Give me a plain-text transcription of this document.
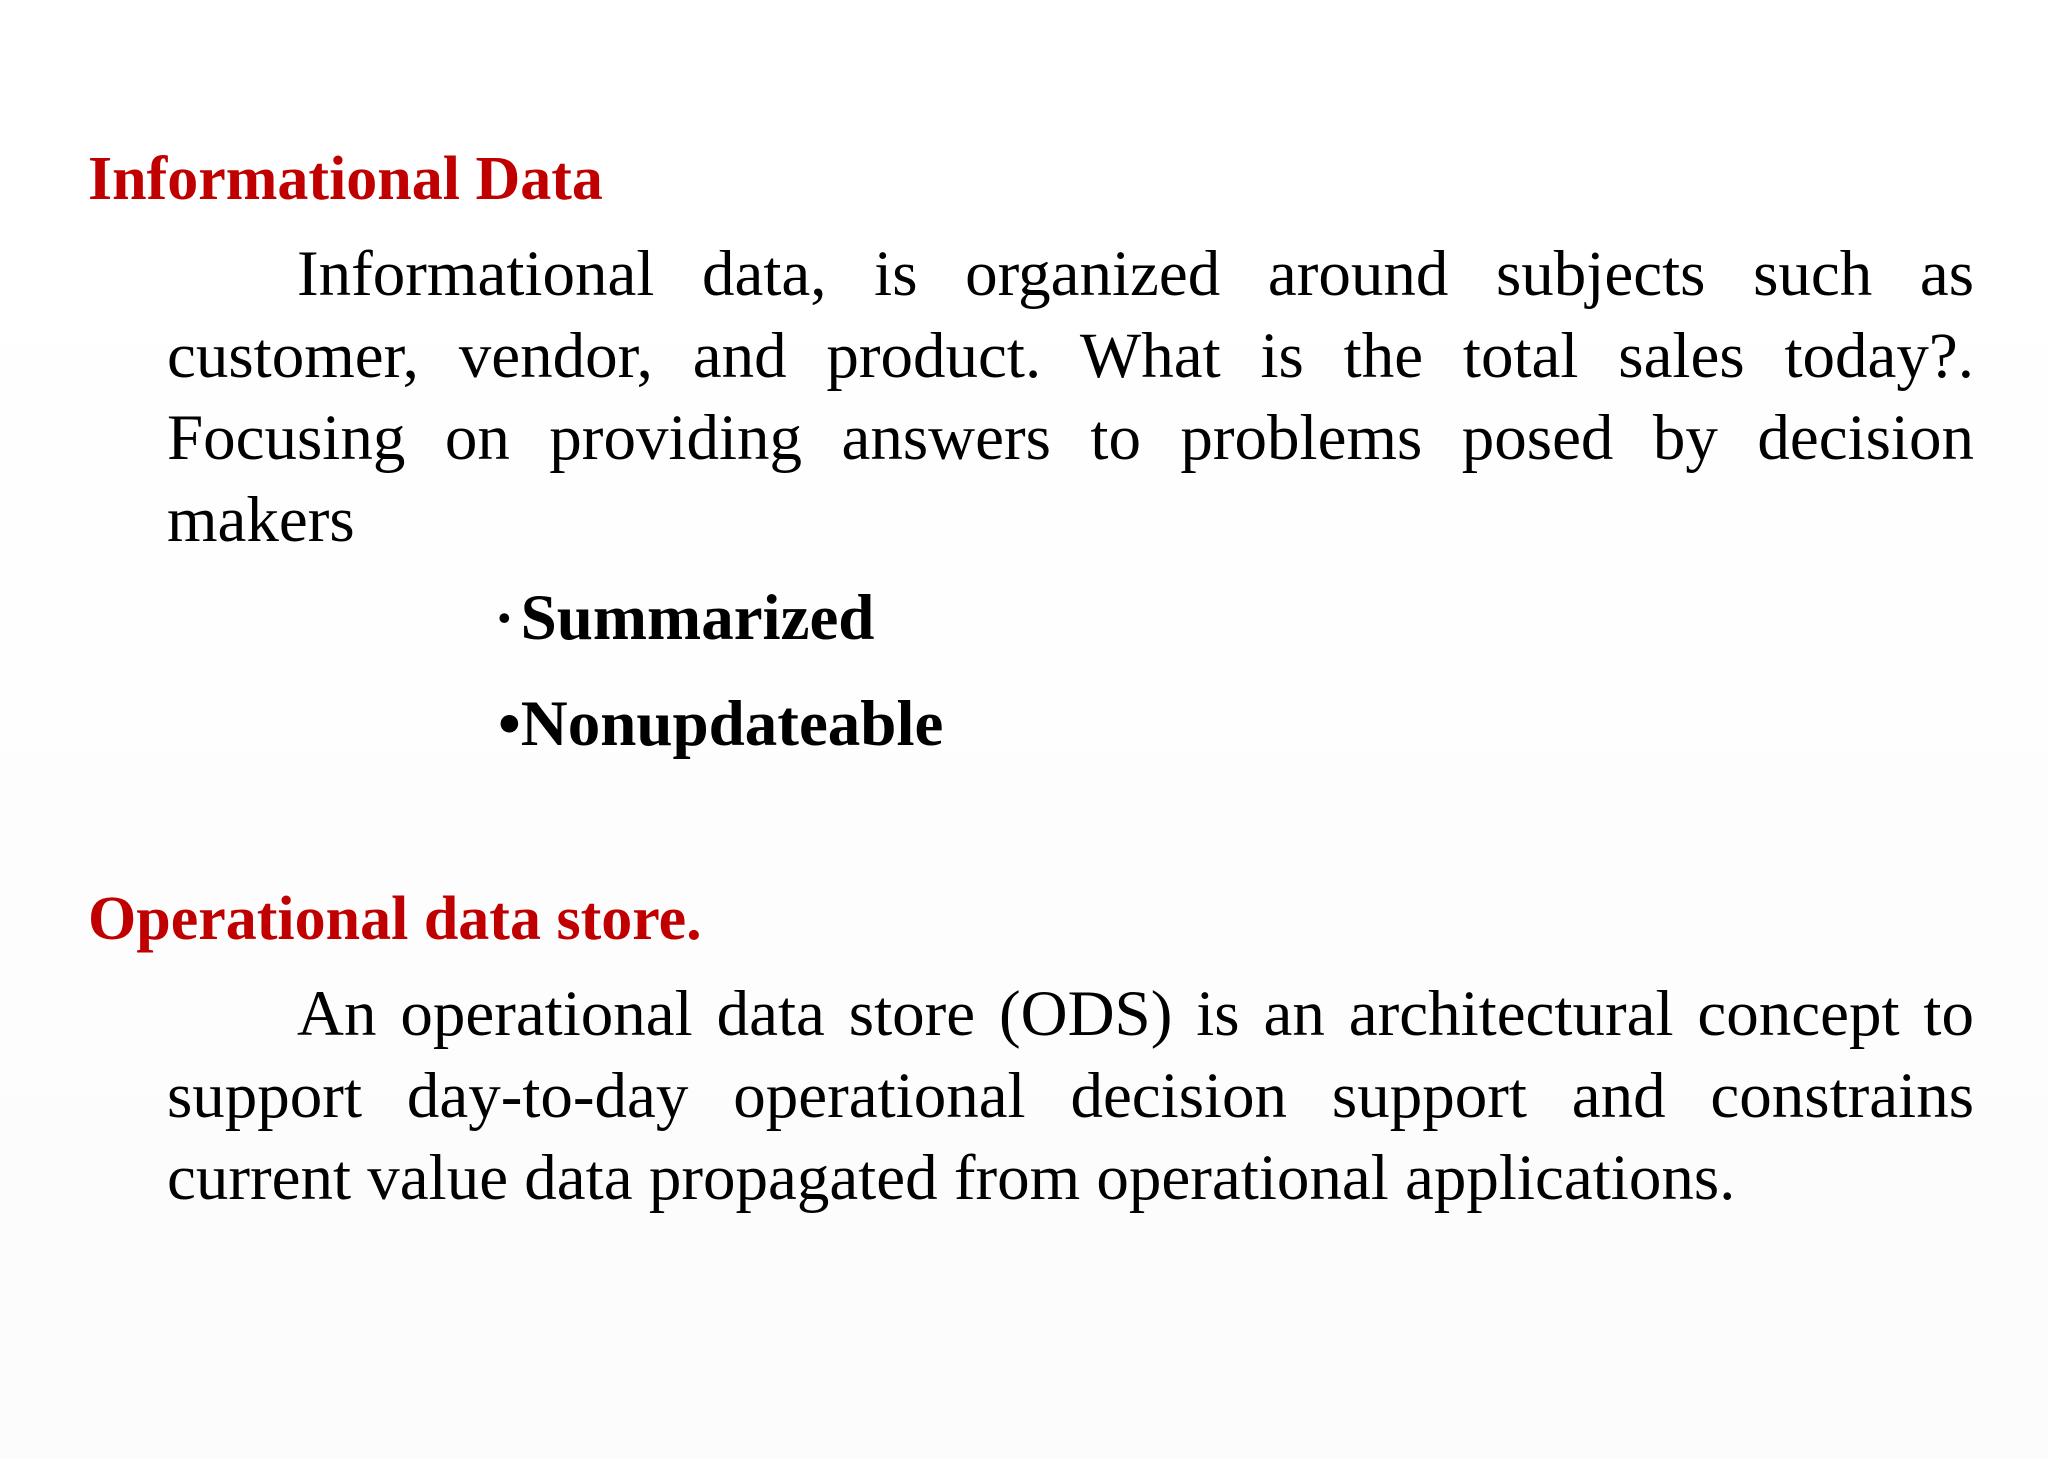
Informational Data

Informational data, is organized around subjects such as customer, vendor, and product. What is the total sales today?. Focusing on providing answers to problems posed by decision makers

• Summarized
•Nonupdateable
Operational data store.

An operational data store (ODS) is an architectural concept to support day-to-day operational decision support and constrains current value data propagated from operational applications.
